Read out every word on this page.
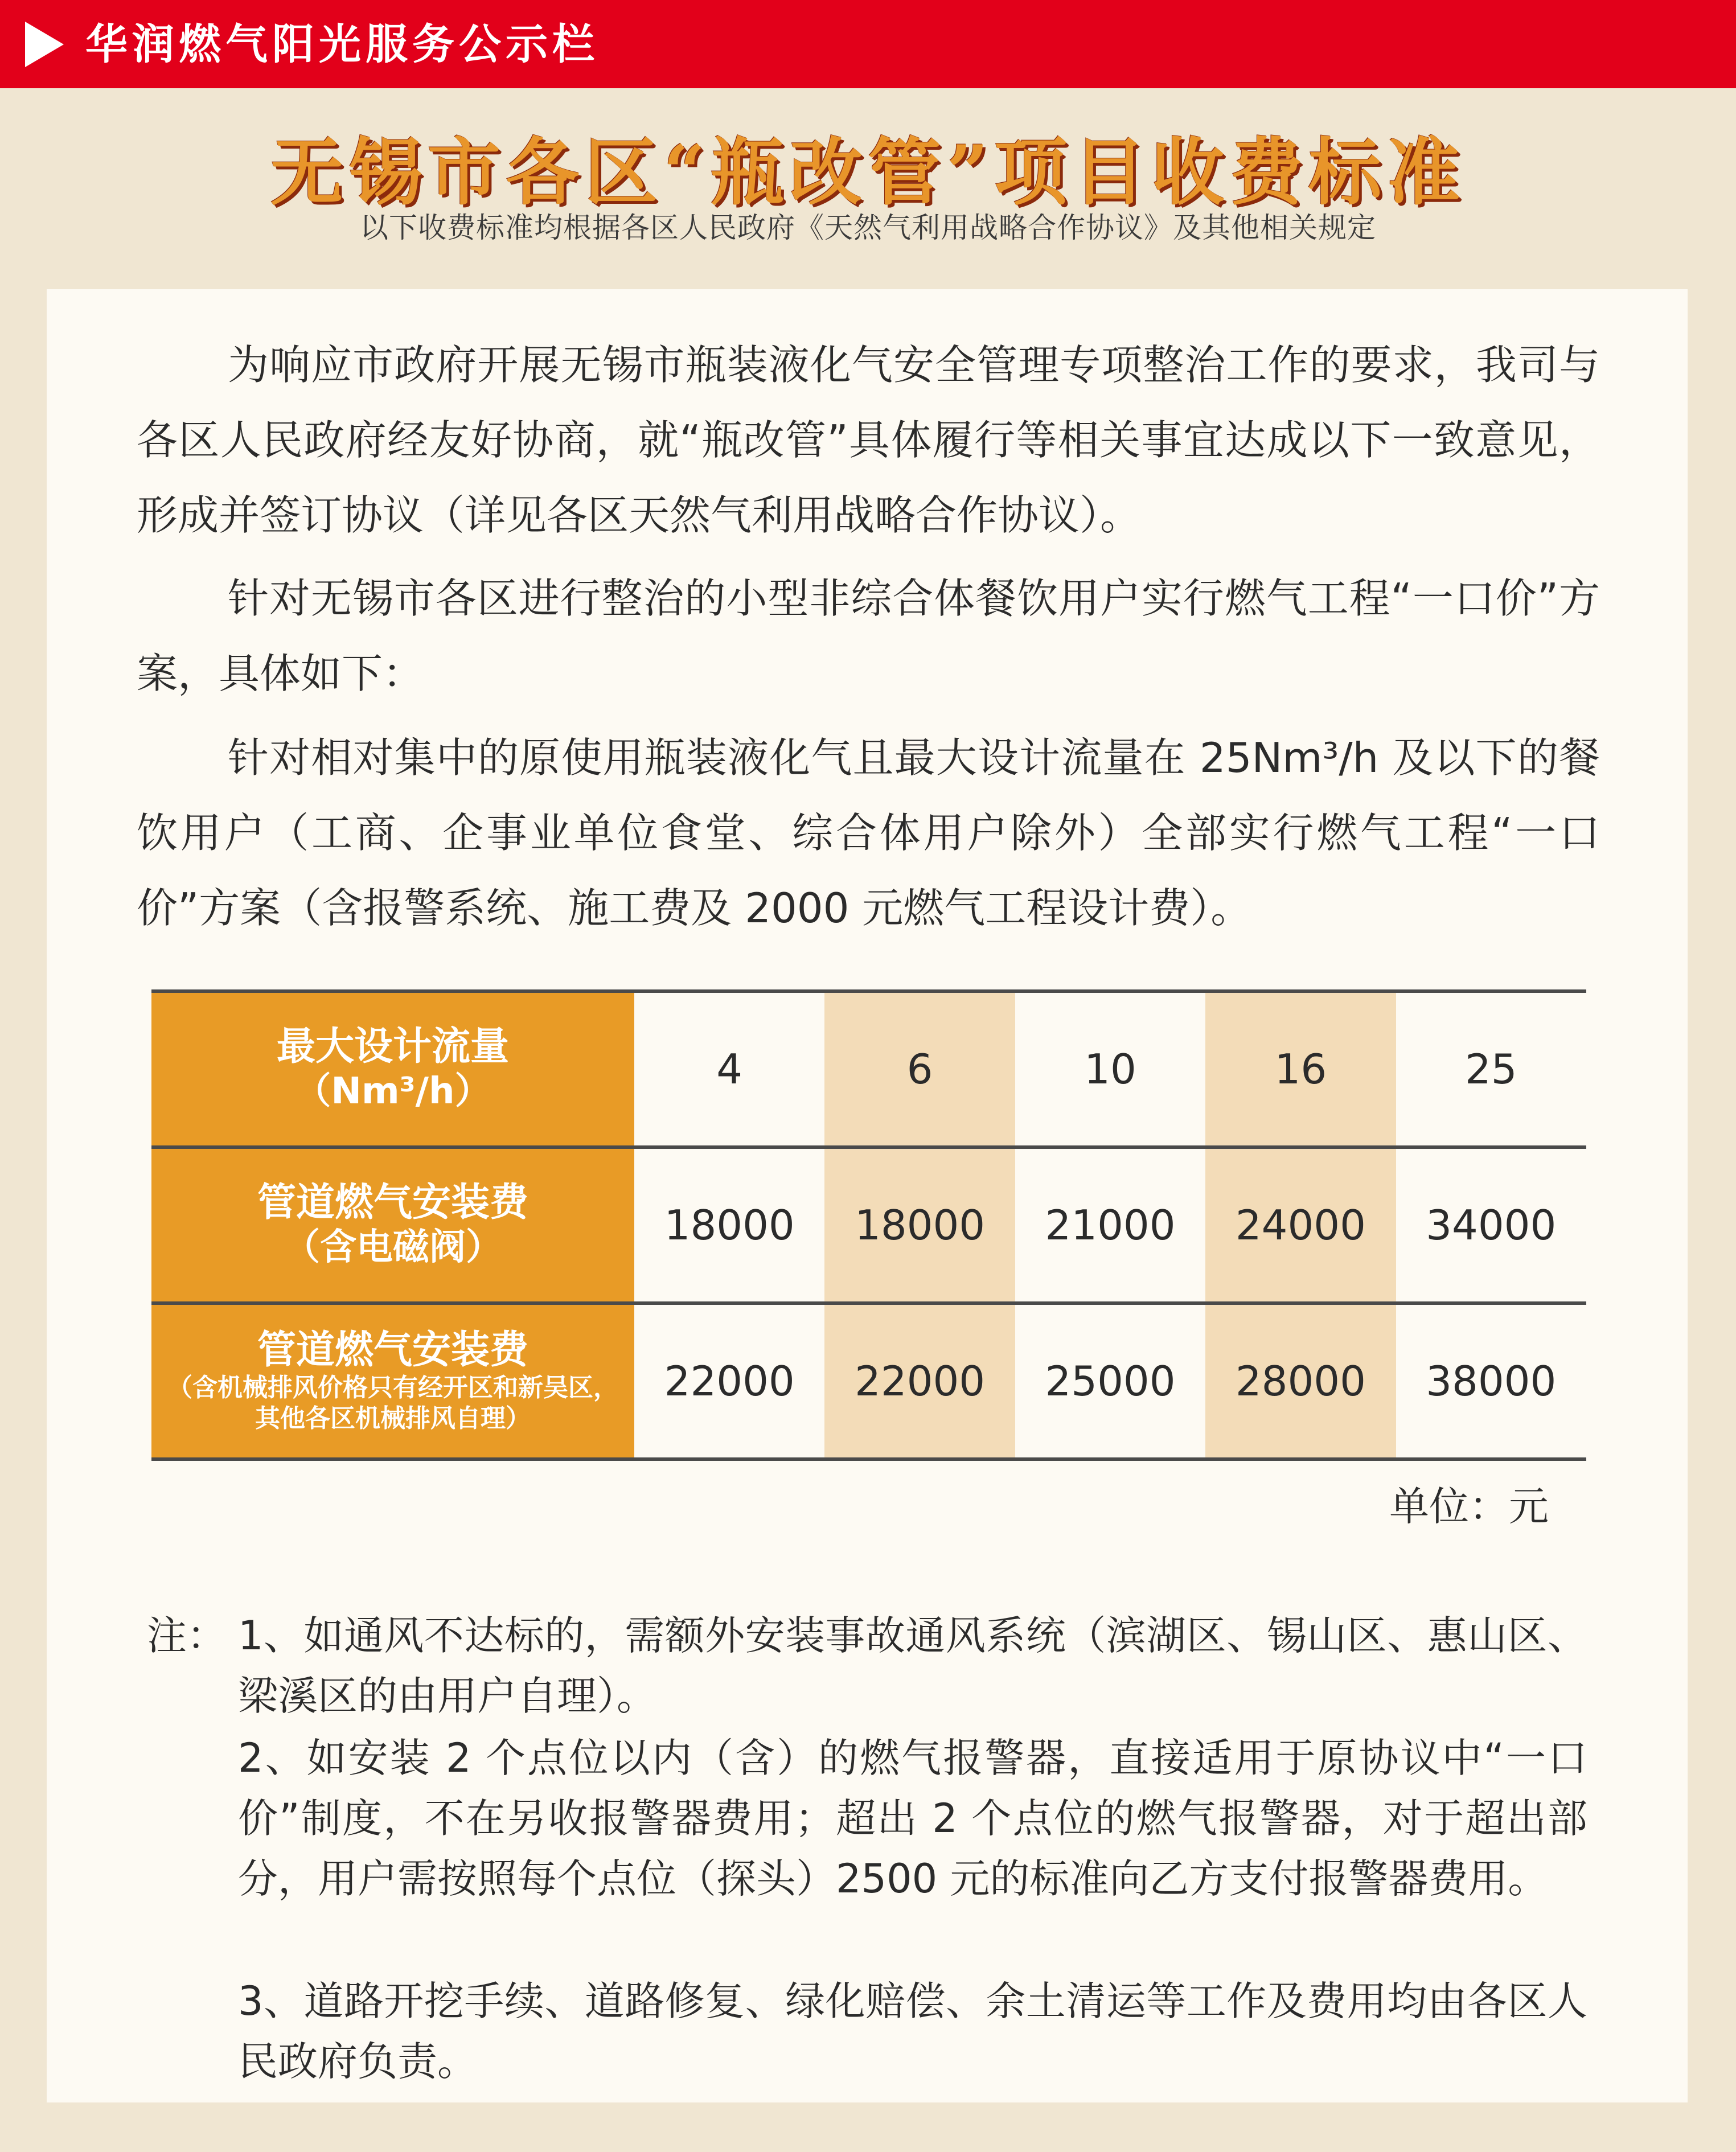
华润燃气阳光服务公示栏
无锡市各区“瓶改管”项目收费标准
以下收费标准均根据各区人民政府《天然气利用战略合作协议》及其他相关规定
为响应市政府开展无锡市瓶装液化气安全管理专项整治工作的要求，我司与各区人民政府经友好协商，就“瓶改管”具体履行等相关事宜达成以下一致意见，形成并签订协议（详见各区天然气利用战略合作协议）。
针对无锡市各区进行整治的小型非综合体餐饮用户实行燃气工程“一口价”方案，具体如下：
针对相对集中的原使用瓶装液化气且最大设计流量在 25Nm³/h 及以下的餐饮用户（工商、企事业单位食堂、综合体用户除外）全部实行燃气工程“一口价”方案（含报警系统、施工费及 2000 元燃气工程设计费）。
最大设计流量
（Nm³/h）	4	6	10	16	25

管道燃气安装费
（含电磁阀）	18000	18000	21000	24000	34000

管道燃气安装费
（含机械排风价格只有经开区和新吴区，
其他各区机械排风自理）	22000	22000	25000	28000	38000
单位：元
注： 1、如通风不达标的，需额外安装事故通风系统（滨湖区、锡山区、惠山区、梁溪区的由用户自理）。
2、如安装 2 个点位以内（含）的燃气报警器，直接适用于原协议中“一口价”制度，不在另收报警器费用；超出 2 个点位的燃气报警器，对于超出部分，用户需按照每个点位（探头）2500 元的标准向乙方支付报警器费用。
3、道路开挖手续、道路修复、绿化赔偿、余土清运等工作及费用均由各区人民政府负责。
